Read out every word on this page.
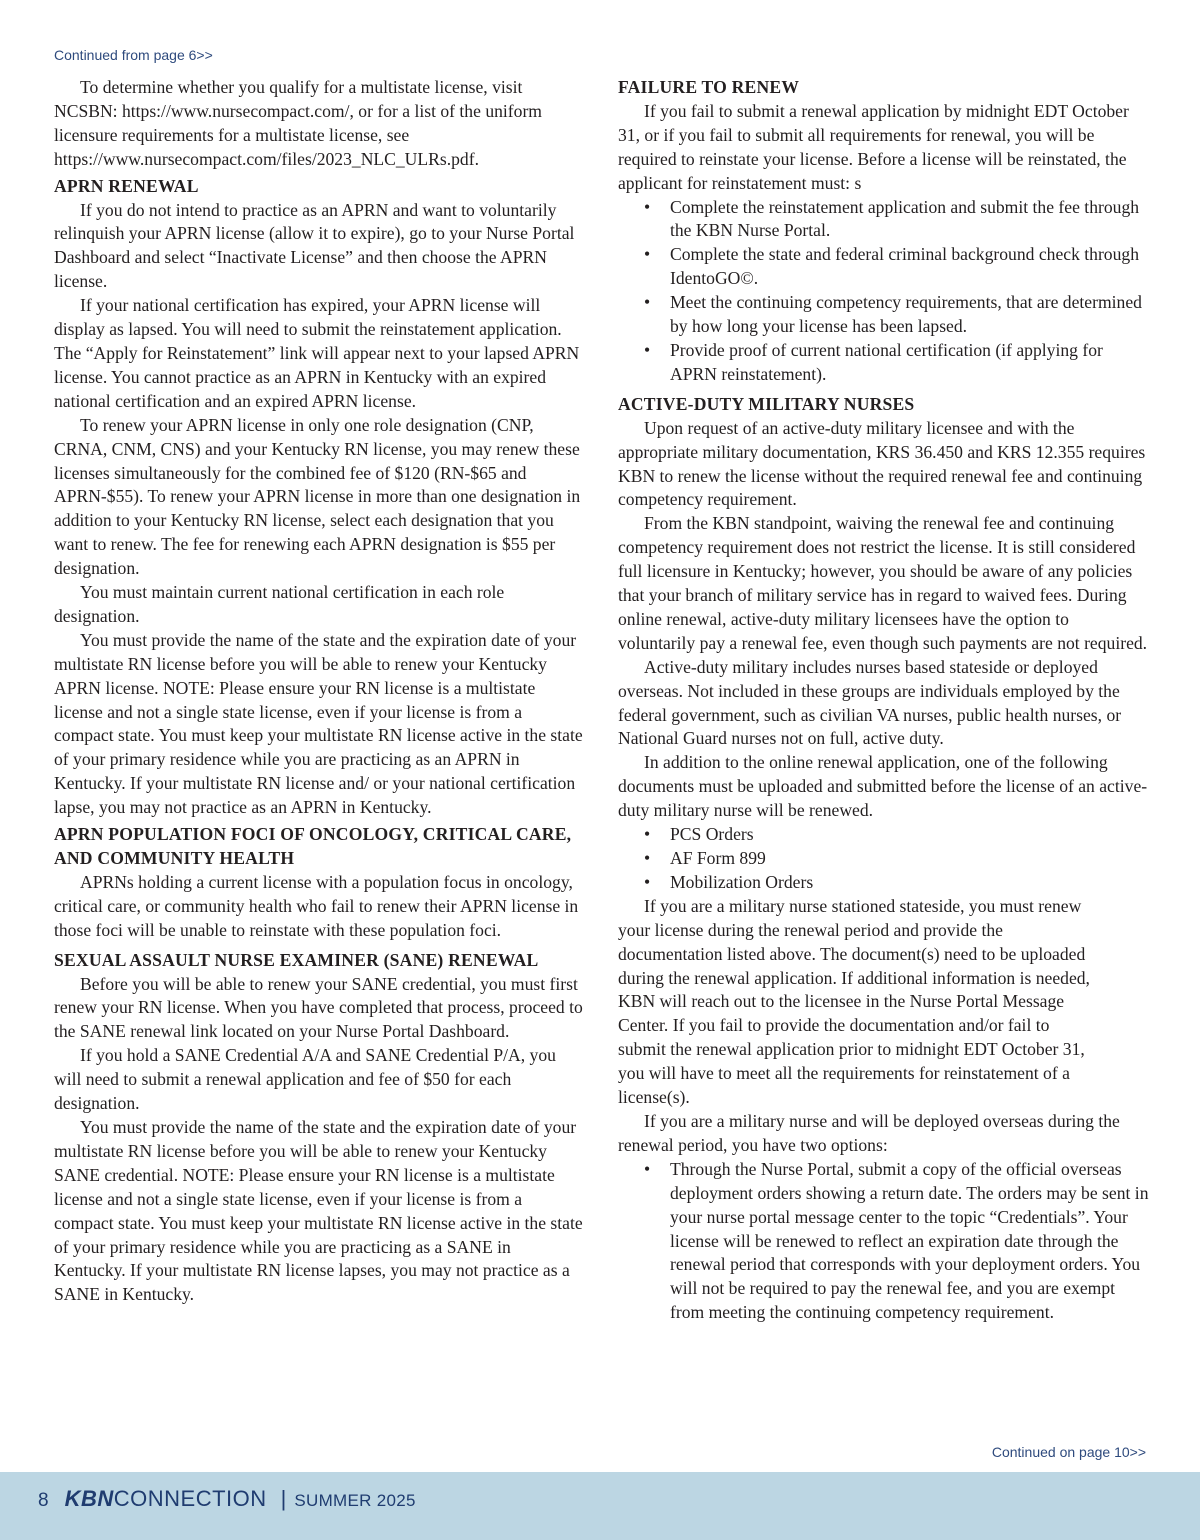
Continued from page 6>>

To determine whether you qualify for a multistate license, visit NCSBN: https://www.nursecompact.com/, or for a list of the uniform licensure requirements for a multistate license, see https://www.nursecompact.com/files/2023_NLC_ULRs.pdf.

APRN RENEWAL

If you do not intend to practice as an APRN and want to voluntarily relinquish your APRN license (allow it to expire), go to your Nurse Portal Dashboard and select “Inactivate License” and then choose the APRN license.

If your national certification has expired, your APRN license will display as lapsed. You will need to submit the reinstatement application. The “Apply for Reinstatement” link will appear next to your lapsed APRN license. You cannot practice as an APRN in Kentucky with an expired national certification and an expired APRN license.

To renew your APRN license in only one role designation (CNP, CRNA, CNM, CNS) and your Kentucky RN license, you may renew these licenses simultaneously for the combined fee of $120 (RN-$65 and APRN-$55). To renew your APRN license in more than one designation in addition to your Kentucky RN license, select each designation that you want to renew. The fee for renewing each APRN designation is $55 per designation.

You must maintain current national certification in each role designation.

You must provide the name of the state and the expiration date of your multistate RN license before you will be able to renew your Kentucky APRN license. NOTE: Please ensure your RN license is a multistate license and not a single state license, even if your license is from a compact state. You must keep your multistate RN license active in the state of your primary residence while you are practicing as an APRN in Kentucky. If your multistate RN license and/ or your national certification lapse, you may not practice as an APRN in Kentucky.

APRN POPULATION FOCI OF ONCOLOGY, CRITICAL CARE, AND COMMUNITY HEALTH

APRNs holding a current license with a population focus in oncology, critical care, or community health who fail to renew their APRN license in those foci will be unable to reinstate with these population foci.

SEXUAL ASSAULT NURSE EXAMINER (SANE) RENEWAL

Before you will be able to renew your SANE credential, you must first renew your RN license. When you have completed that process, proceed to the SANE renewal link located on your Nurse Portal Dashboard.

If you hold a SANE Credential A/A and SANE Credential P/A, you will need to submit a renewal application and fee of $50 for each designation.

You must provide the name of the state and the expiration date of your multistate RN license before you will be able to renew your Kentucky SANE credential. NOTE: Please ensure your RN license is a multistate license and not a single state license, even if your license is from a compact state. You must keep your multistate RN license active in the state of your primary residence while you are practicing as a SANE in Kentucky. If your multistate RN license lapses, you may not practice as a SANE in Kentucky.

FAILURE TO RENEW

If you fail to submit a renewal application by midnight EDT October 31, or if you fail to submit all requirements for renewal, you will be required to reinstate your license. Before a license will be reinstated, the applicant for reinstatement must: s

• Complete the reinstatement application and submit the fee through the KBN Nurse Portal.
• Complete the state and federal criminal background check through IdentoGO©.
• Meet the continuing competency requirements, that are determined by how long your license has been lapsed.
• Provide proof of current national certification (if applying for APRN reinstatement).
ACTIVE-DUTY MILITARY NURSES

Upon request of an active-duty military licensee and with the appropriate military documentation, KRS 36.450 and KRS 12.355 requires KBN to renew the license without the required renewal fee and continuing competency requirement.

From the KBN standpoint, waiving the renewal fee and continuing competency requirement does not restrict the license. It is still considered full licensure in Kentucky; however, you should be aware of any policies that your branch of military service has in regard to waived fees. During online renewal, active-duty military licensees have the option to voluntarily pay a renewal fee, even though such payments are not required.

Active-duty military includes nurses based stateside or deployed overseas. Not included in these groups are individuals employed by the federal government, such as civilian VA nurses, public health nurses, or National Guard nurses not on full, active duty.

In addition to the online renewal application, one of the following documents must be uploaded and submitted before the license of an active-duty military nurse will be renewed.

• PCS Orders
• AF Form 899
• Mobilization Orders

If you are a military nurse stationed stateside, you must renew your license during the renewal period and provide the documentation listed above. The document(s) need to be uploaded during the renewal application. If additional information is needed, KBN will reach out to the licensee in the Nurse Portal Message Center. If you fail to provide the documentation and/or fail to submit the renewal application prior to midnight EDT October 31, you will have to meet all the requirements for reinstatement of a license(s).

If you are a military nurse and will be deployed overseas during the renewal period, you have two options:

• Through the Nurse Portal, submit a copy of the official overseas deployment orders showing a return date. The orders may be sent in your nurse portal message center to the topic “Credentials”. Your license will be renewed to reflect an expiration date through the renewal period that corresponds with your deployment orders. You will not be required to pay the renewal fee, and you are exempt from meeting the continuing competency requirement.
Continued on page 10>>
8 KBN CONNECTION | SUMMER 2025
